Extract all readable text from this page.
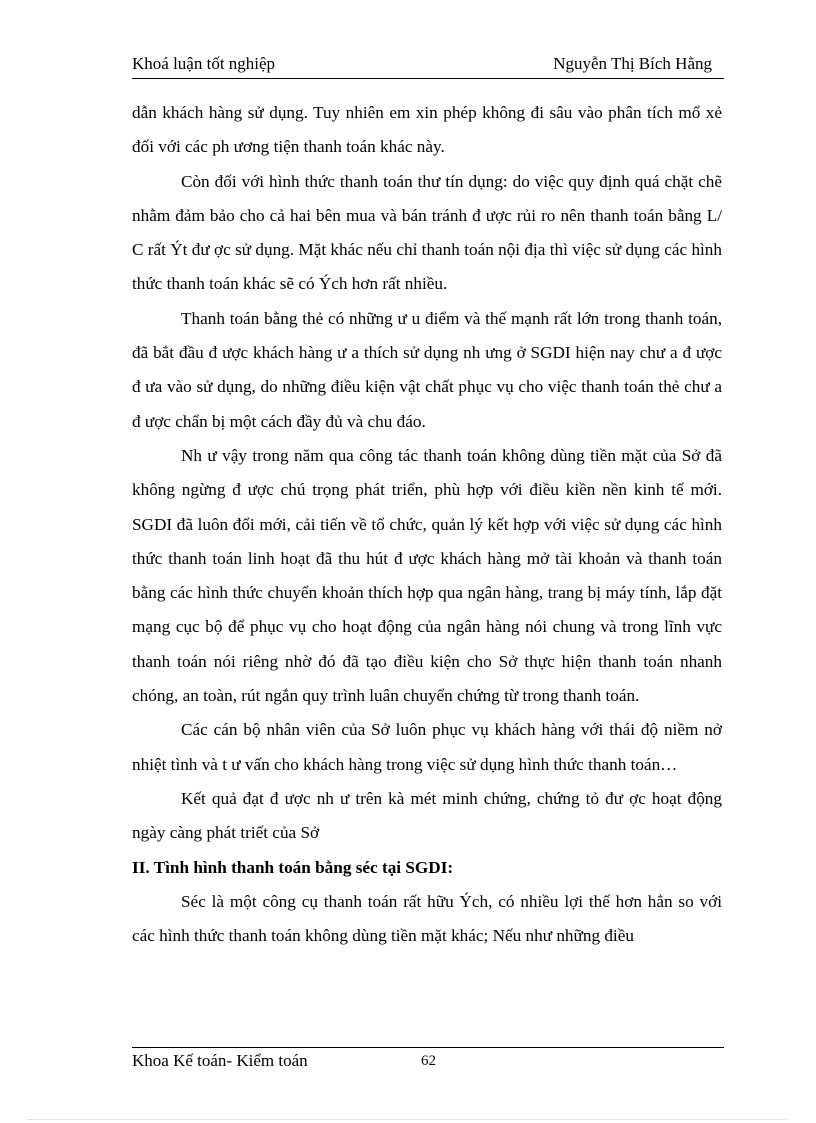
Khoá luận tốt nghiệp	Nguyễn Thị Bích Hằng

dẫn khách hàng sử dụng. Tuy nhiên em xin phép không đi sâu vào phân tích mổ xẻ đối với các ph ương tiện thanh toán khác này.

Còn đối với hình thức thanh toán thư tín dụng: do việc quy định quá chặt chẽ nhằm đảm bảo cho cả hai bên mua và bán tránh đ ược rủi ro nên thanh toán bằng L/ C rất Ýt đư ợc sử dụng. Mặt khác nếu chỉ thanh toán nội địa thì việc sử dụng các hình thức thanh toán khác sẽ có Ých hơn rất nhiều.

Thanh toán bằng thẻ có những ư u điểm và thế mạnh rất lớn trong thanh toán, đã bắt đầu đ ược khách hàng ư a thích sử dụng nh ưng ở SGDI hiện nay chư a đ ược đ ưa vào sử dụng, do những điều kiện vật chất phục vụ cho việc thanh toán thẻ chư a đ ược chẩn bị một cách đầy đủ và chu đáo.

Nh ư vậy trong năm qua công tác thanh toán không dùng tiền mặt của Sở đã không ngừng đ ược chú trọng phát triển, phù hợp với điều kiền nền kinh tế mới. SGDI đã luôn đổi mới, cải tiến về tổ chức, quản lý kết hợp với việc sử dụng các hình thức thanh toán linh hoạt đã thu hút đ ược khách hàng mở tài khoản và thanh toán bằng các hình thức chuyển khoản thích hợp qua ngân hàng, trang bị máy tính, lắp đặt mạng cục bộ để phục vụ cho hoạt động của ngân hàng nói chung và trong lĩnh vực thanh toán nói riêng nhờ đó đã tạo điều kiện cho Sở thực hiện thanh toán nhanh chóng, an toàn, rút ngắn quy trình luân chuyển chứng từ trong thanh toán.

Các cán bộ nhân viên của Sở luôn phục vụ khách hàng với thái độ niềm nở nhiệt tình và t ư vấn cho khách hàng trong việc sử dụng hình thức thanh toán…

Kết quả đạt đ ược nh ư trên kà mét minh chứng, chứng tỏ đư ợc hoạt động ngày càng phát triết của Sở

II. Tình hình thanh toán bằng séc tại SGDI:

Séc là một công cụ thanh toán rất hữu Ých, có nhiều lợi thế hơn hẳn so với các hình thức thanh toán không dùng tiền mặt khác; Nếu như những điều

Khoa Kế toán- Kiểm toán	62
